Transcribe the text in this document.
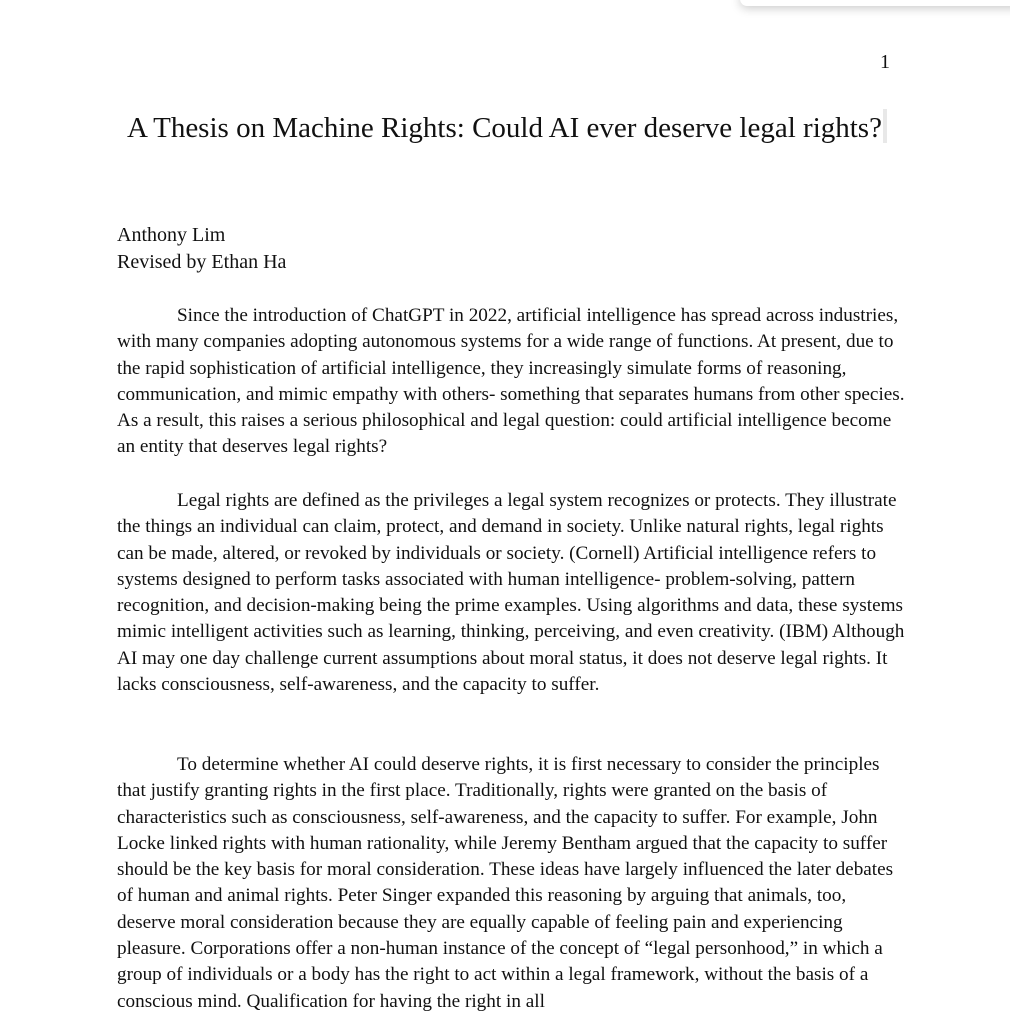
1
A Thesis on Machine Rights: Could AI ever deserve legal rights?
Anthony Lim
Revised by Ethan Ha

Since the introduction of ChatGPT in 2022, artificial intelligence has spread across industries, with many companies adopting autonomous systems for a wide range of functions. At present, due to the rapid sophistication of artificial intelligence, they increasingly simulate forms of reasoning, communication, and mimic empathy with others- something that separates humans from other species. As a result, this raises a serious philosophical and legal question: could artificial intelligence become an entity that deserves legal rights?

Legal rights are defined as the privileges a legal system recognizes or protects. They illustrate the things an individual can claim, protect, and demand in society. Unlike natural rights, legal rights can be made, altered, or revoked by individuals or society. (Cornell) Artificial intelligence refers to systems designed to perform tasks associated with human intelligence- problem-solving, pattern recognition, and decision-making being the prime examples. Using algorithms and data, these systems mimic intelligent activities such as learning, thinking, perceiving, and even creativity. (IBM) Although AI may one day challenge current assumptions about moral status, it does not deserve legal rights. It lacks consciousness, self-awareness, and the capacity to suffer.

To determine whether AI could deserve rights, it is first necessary to consider the principles that justify granting rights in the first place. Traditionally, rights were granted on the basis of characteristics such as consciousness, self-awareness, and the capacity to suffer. For example, John Locke linked rights with human rationality, while Jeremy Bentham argued that the capacity to suffer should be the key basis for moral consideration. These ideas have largely influenced the later debates of human and animal rights. Peter Singer expanded this reasoning by arguing that animals, too, deserve moral consideration because they are equally capable of feeling pain and experiencing pleasure. Corporations offer a non-human instance of the concept of “legal personhood,” in which a group of individuals or a body has the right to act within a legal framework, without the basis of a conscious mind. Qualification for having the right in all
